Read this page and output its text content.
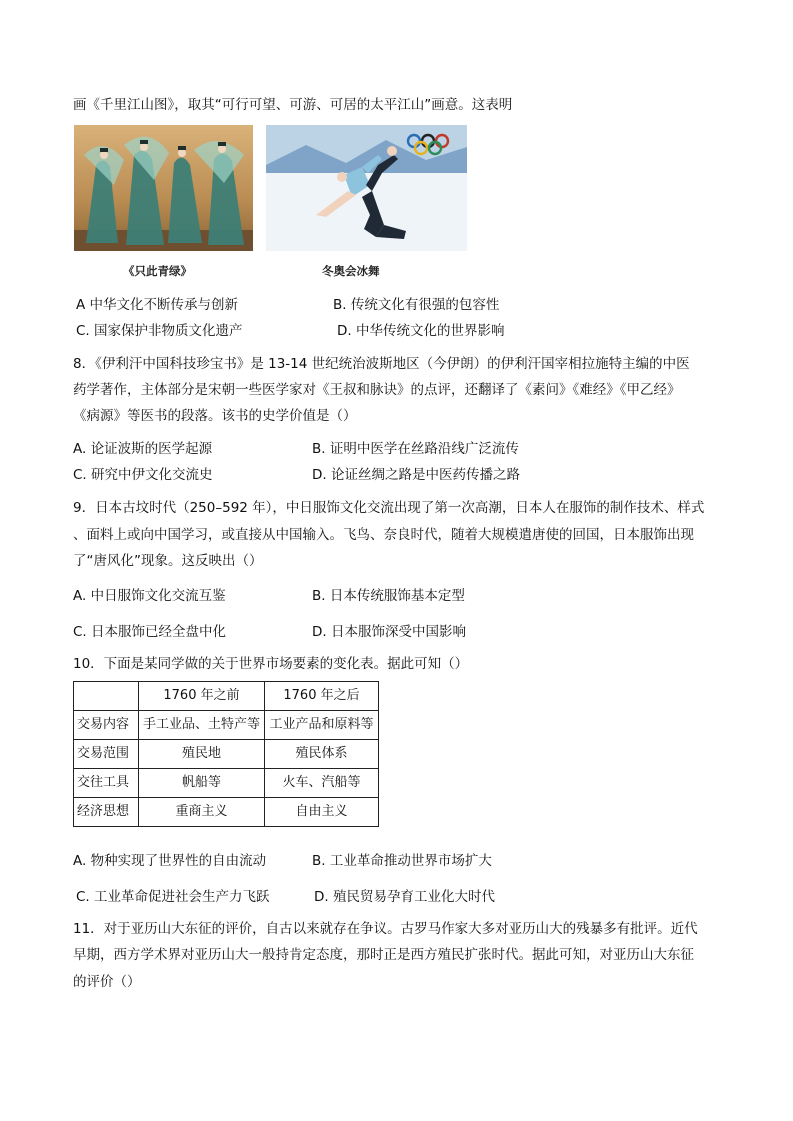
画《千里江山图》，取其“可行可望、可游、可居的太平江山”画意。这表明
《只此青绿》	冬奥会冰舞
A 中华文化不断传承与创新	B. 传统文化有很强的包容性
C. 国家保护非物质文化遗产	D. 中华传统文化的世界影响
8．《伊利汗中国科技珍宝书》是 13-14 世纪统治波斯地区（今伊朗）的伊利汗国宰相拉施特主编的中医
药学著作，主体部分是宋朝一些医学家对《王叔和脉诀》的点评，还翻译了《素问》《难经》《甲乙经》
《病源》等医书的段落。该书的史学价值是（）
A. 论证波斯的医学起源	B. 证明中医学在丝路沿线广泛流传
C. 研究中伊文化交流史	D. 论证丝绸之路是中医药传播之路
9．日本古坟时代（250–592 年），中日服饰文化交流出现了第一次高潮，日本人在服饰的制作技术、样式
、面料上或向中国学习，或直接从中国输入。飞鸟、奈良时代，随着大规模遣唐使的回国，日本服饰出现
了“唐风化”现象。这反映出（）
A. 中日服饰文化交流互鉴	B. 日本传统服饰基本定型
C. 日本服饰已经全盘中化	D. 日本服饰深受中国影响
10．下面是某同学做的关于世界市场要素的变化表。据此可知（）
	1760 年之前	1760 年之后
交易内容	手工业品、土特产等	工业产品和原料等
交易范围	殖民地	殖民体系
交往工具	帆船等	火车、汽船等
经济思想	重商主义	自由主义
A. 物种实现了世界性的自由流动	B. 工业革命推动世界市场扩大
C. 工业革命促进社会生产力飞跃	D. 殖民贸易孕育工业化大时代
11．对于亚历山大东征的评价，自古以来就存在争议。古罗马作家大多对亚历山大的残暴多有批评。近代
早期，西方学术界对亚历山大一般持肯定态度，那时正是西方殖民扩张时代。据此可知，对亚历山大东征
的评价（）
